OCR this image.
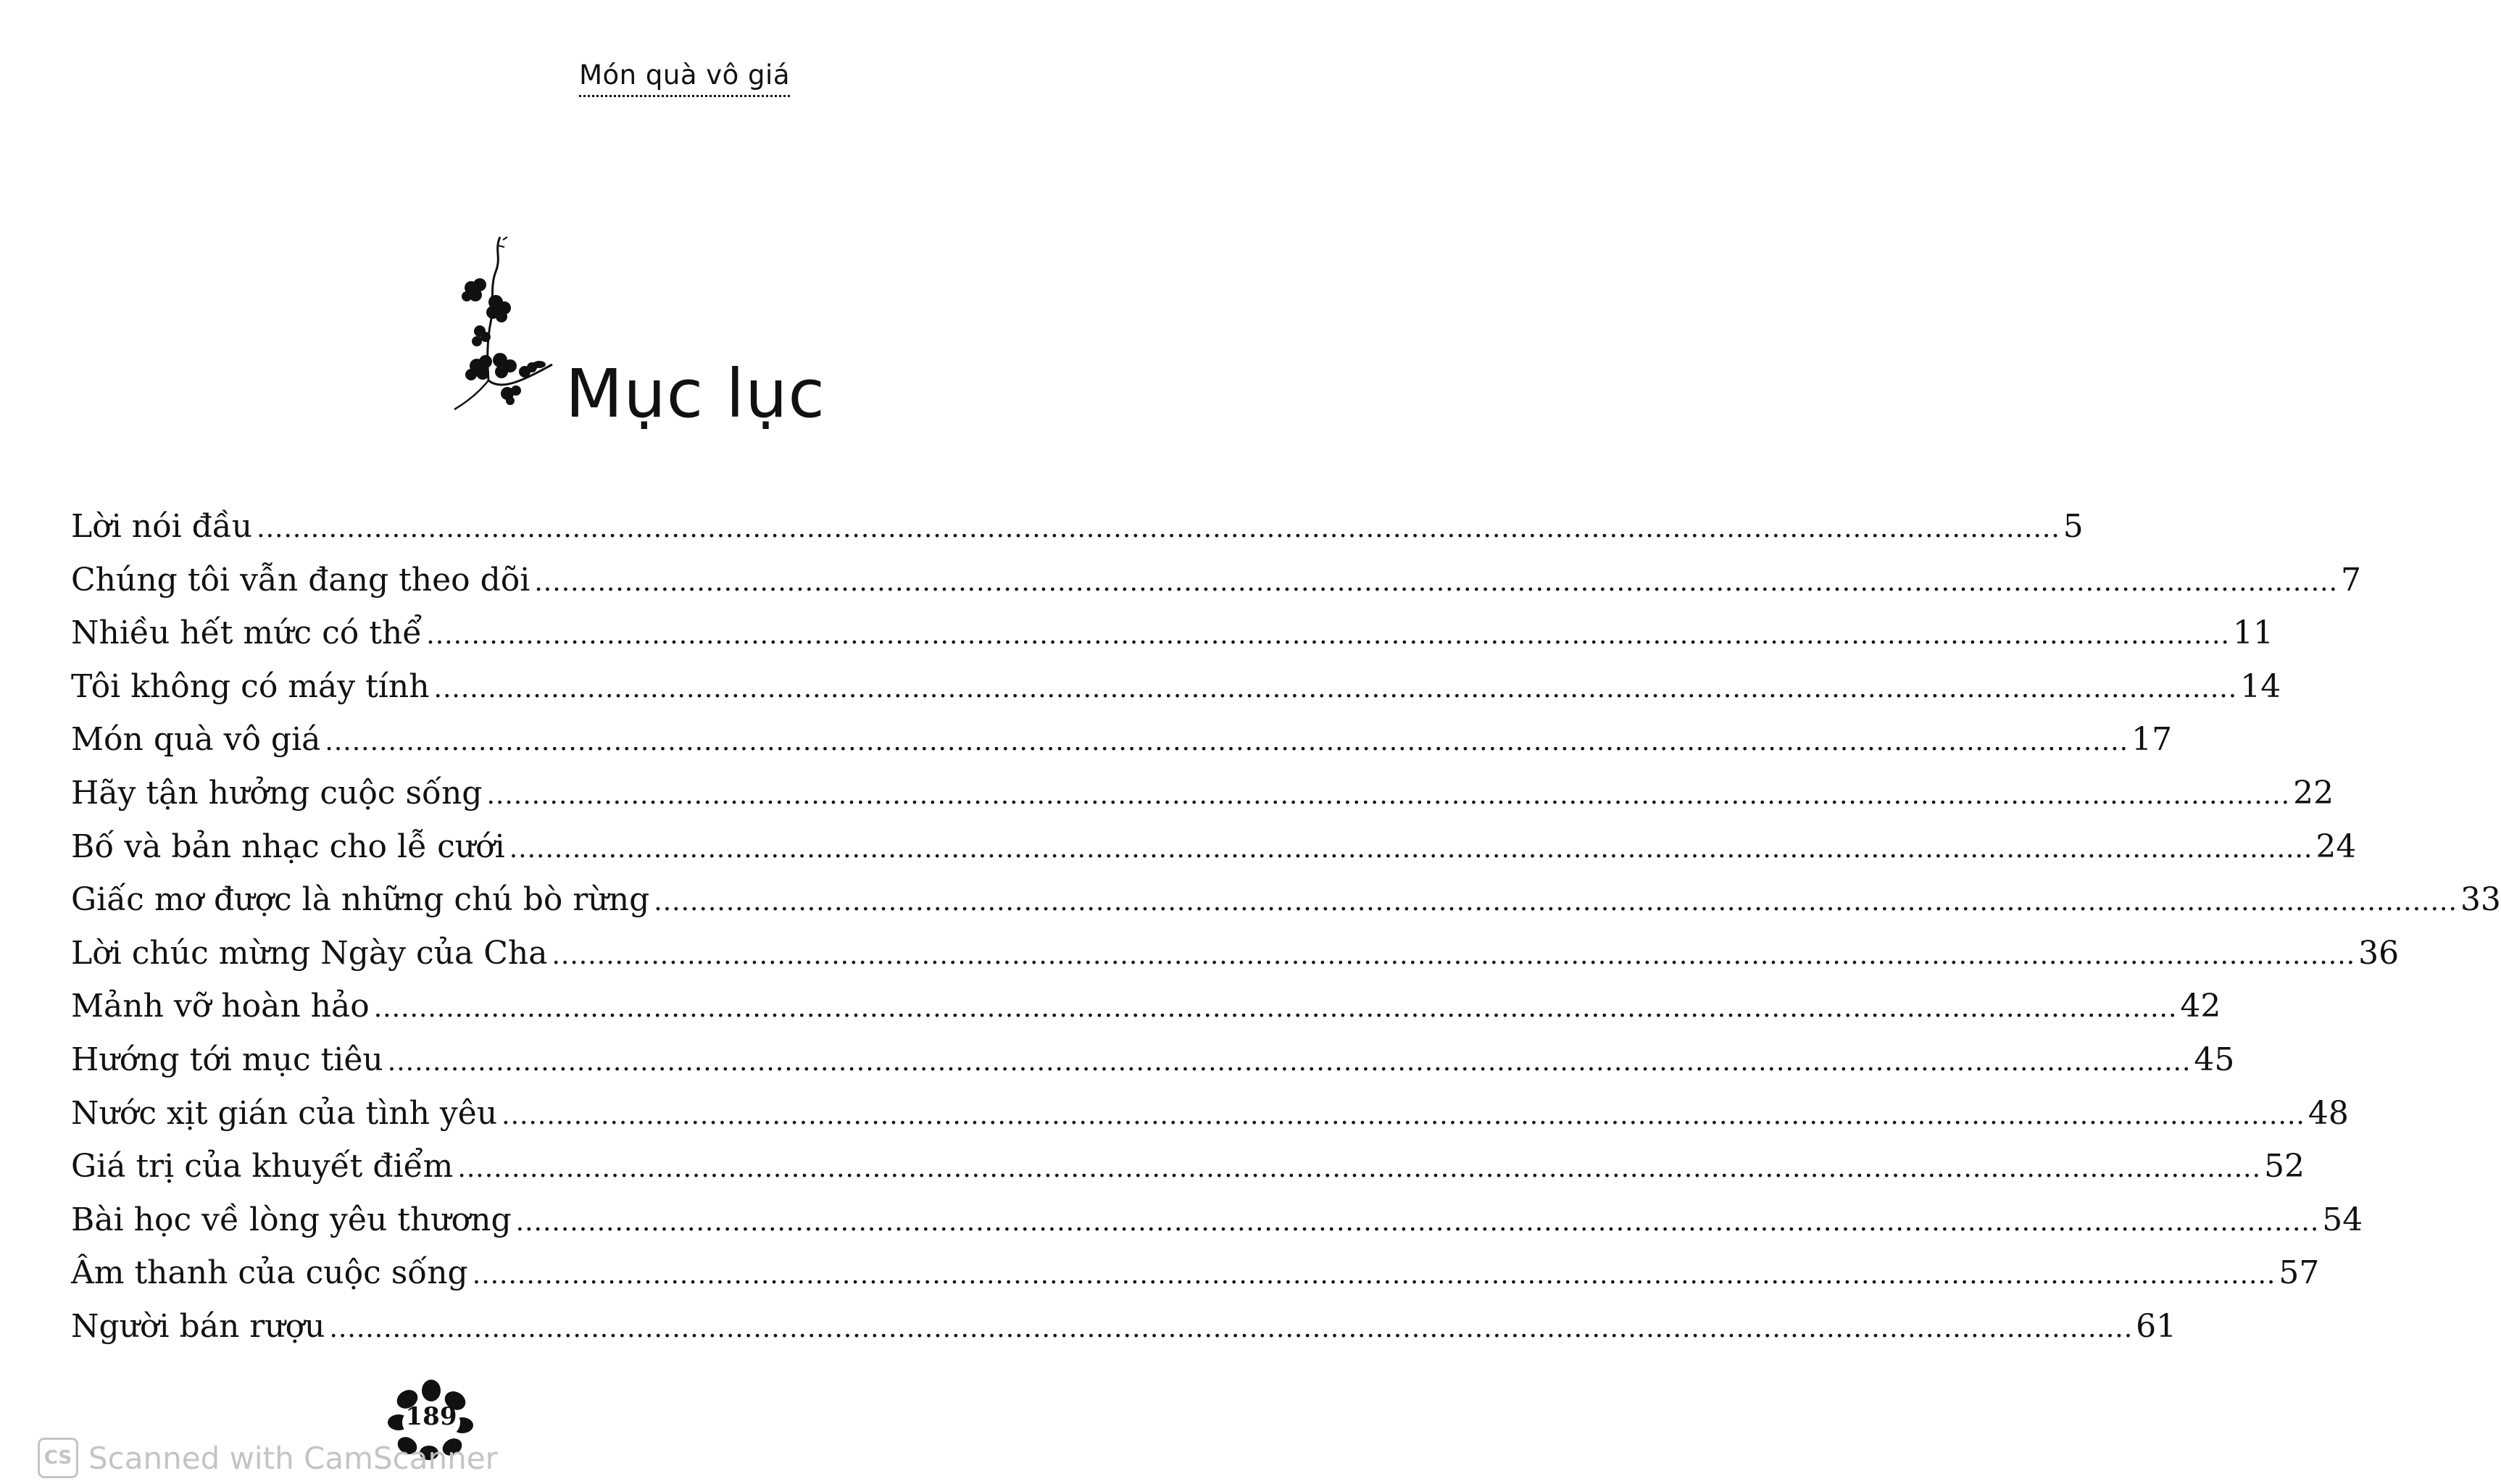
Món quà vô giá
Mục lục
Lời nói đầu ........................................................................................................................................................................................................ 5
Chúng tôi vẫn đang theo dõi ........................................................................................................................................................................................................ 7
Nhiều hết mức có thể ........................................................................................................................................................................................................ 11
Tôi không có máy tính ........................................................................................................................................................................................................ 14
Món quà vô giá ........................................................................................................................................................................................................ 17
Hãy tận hưởng cuộc sống ........................................................................................................................................................................................................ 22
Bố và bản nhạc cho lễ cưới ........................................................................................................................................................................................................ 24
Giấc mơ được là những chú bò rừng ........................................................................................................................................................................................................ 33
Lời chúc mừng Ngày của Cha ........................................................................................................................................................................................................ 36
Mảnh vỡ hoàn hảo ........................................................................................................................................................................................................ 42
Hướng tới mục tiêu ........................................................................................................................................................................................................ 45
Nước xịt gián của tình yêu ........................................................................................................................................................................................................ 48
Giá trị của khuyết điểm ........................................................................................................................................................................................................ 52
Bài học về lòng yêu thương ........................................................................................................................................................................................................ 54
Âm thanh của cuộc sống ........................................................................................................................................................................................................ 57
Người bán rượu ........................................................................................................................................................................................................ 61
189
CS Scanned with CamScanner
